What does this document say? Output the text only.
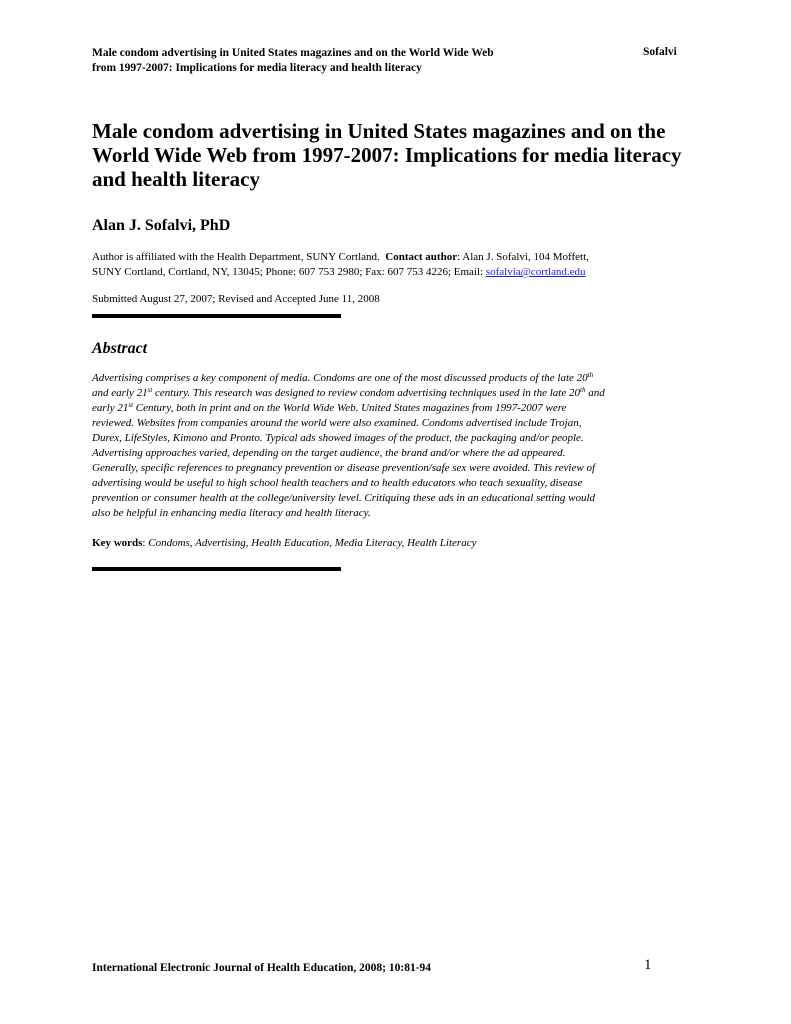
Male condom advertising in United States magazines and on the World Wide Web
from 1997-2007: Implications for media literacy and health literacy
Sofalvi
Male condom advertising in United States magazines and on the World Wide Web from 1997-2007: Implications for media literacy and health literacy
Alan J. Sofalvi, PhD
Author is affiliated with the Health Department, SUNY Cortland. Contact author: Alan J. Sofalvi, 104 Moffett,
SUNY Cortland, Cortland, NY, 13045; Phone: 607 753 2980; Fax: 607 753 4226; Email: sofalvia@cortland.edu
Submitted August 27, 2007; Revised and Accepted June 11, 2008
Abstract
Advertising comprises a key component of media. Condoms are one of the most discussed products of the late 20th
and early 21st century. This research was designed to review condom advertising techniques used in the late 20th and
early 21st Century, both in print and on the World Wide Web. United States magazines from 1997-2007 were
reviewed. Websites from companies around the world were also examined. Condoms advertised include Trojan,
Durex, LifeStyles, Kimono and Pronto. Typical ads showed images of the product, the packaging and/or people.
Advertising approaches varied, depending on the target audience, the brand and/or where the ad appeared.
Generally, specific references to pregnancy prevention or disease prevention/safe sex were avoided. This review of
advertising would be useful to high school health teachers and to health educators who teach sexuality, disease
prevention or consumer health at the college/university level. Critiquing these ads in an educational setting would
also be helpful in enhancing media literacy and health literacy.
Key words: Condoms, Advertising, Health Education, Media Literacy, Health Literacy
International Electronic Journal of Health Education, 2008; 10:81-94	1
